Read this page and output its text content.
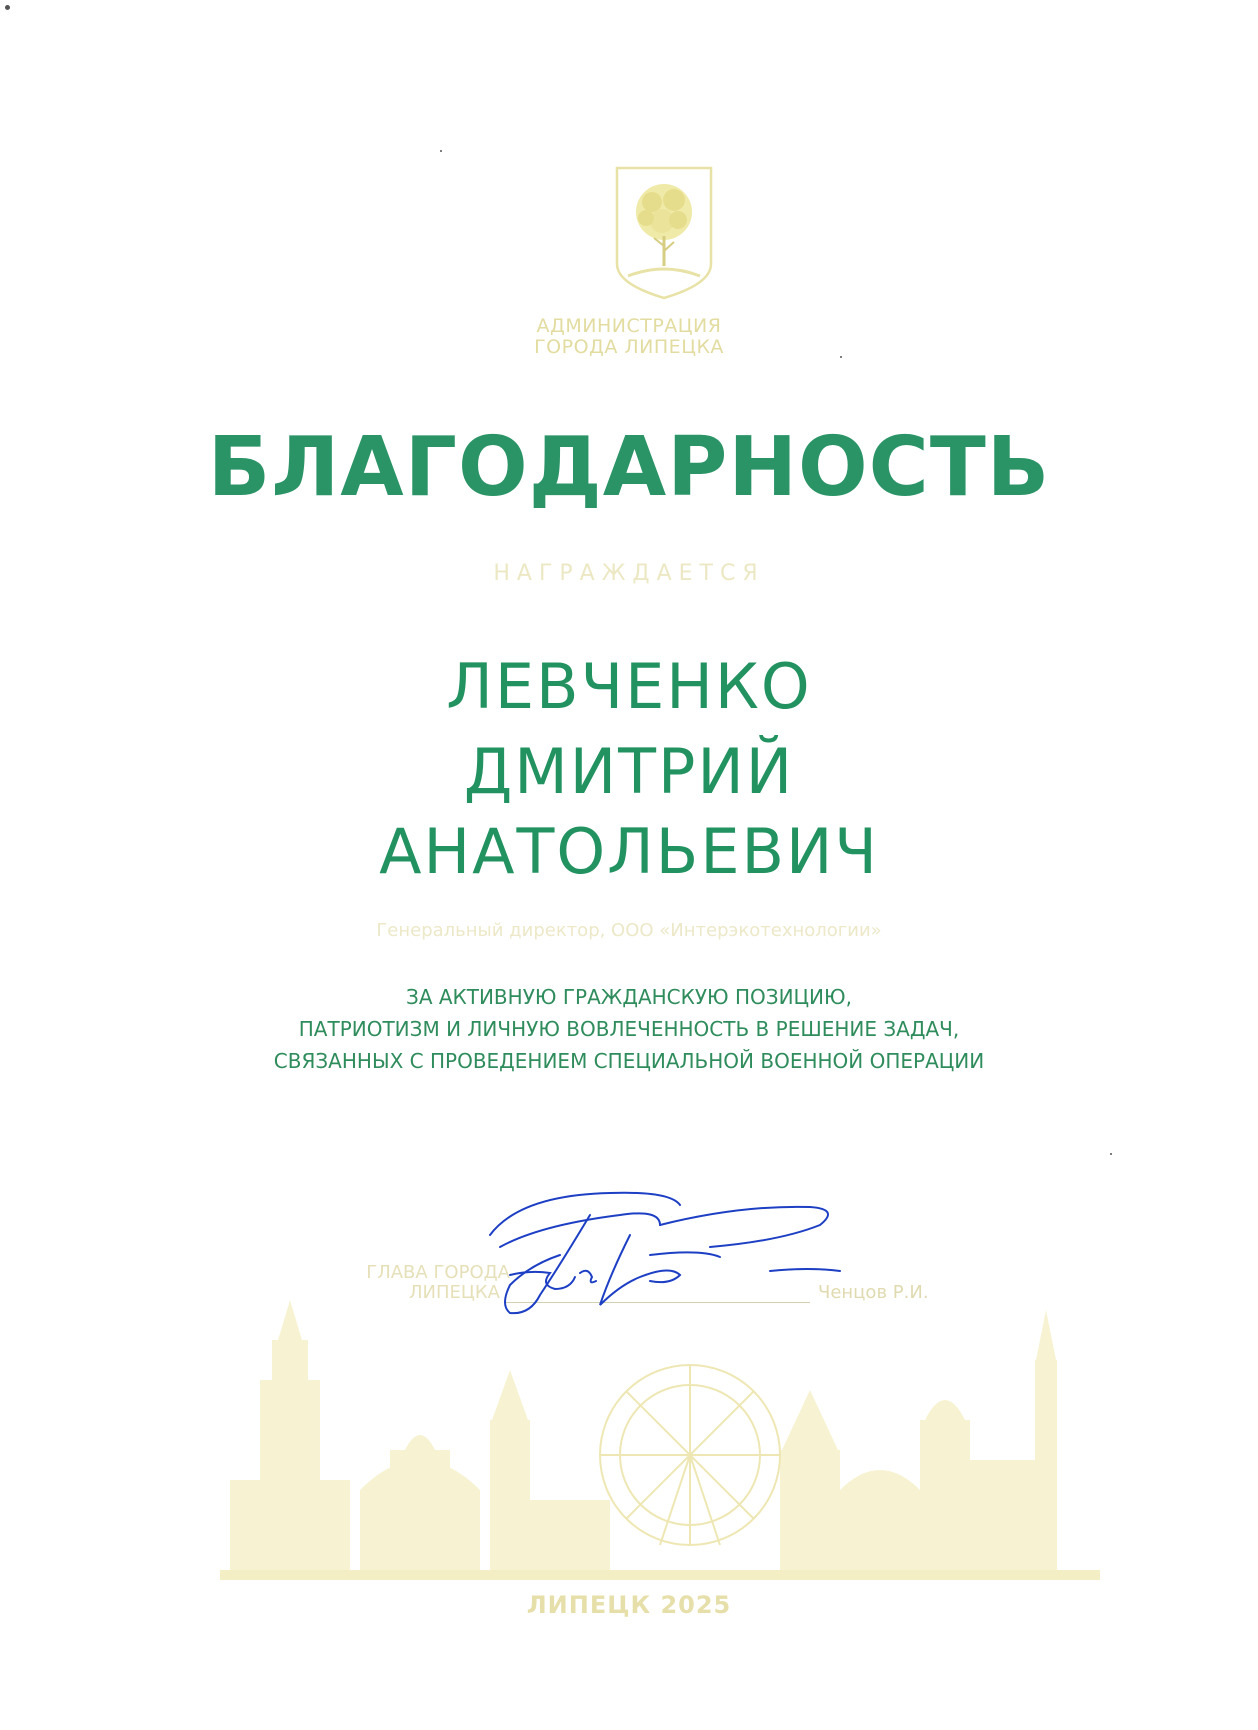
АДМИНИСТРАЦИЯ
ГОРОДА ЛИПЕЦКА
БЛАГОДАРНОСТЬ
НАГРАЖДАЕТСЯ
ЛЕВЧЕНКО
ДМИТРИЙ
АНАТОЛЬЕВИЧ
Генеральный директор, ООО «Интерэкотехнологии»
ЗА АКТИВНУЮ ГРАЖДАНСКУЮ ПОЗИЦИЮ,
ПАТРИОТИЗМ И ЛИЧНУЮ ВОВЛЕЧЕННОСТЬ В РЕШЕНИЕ ЗАДАЧ,
СВЯЗАННЫХ С ПРОВЕДЕНИЕМ СПЕЦИАЛЬНОЙ ВОЕННОЙ ОПЕРАЦИИ
ГЛАВА ГОРОДА
ЛИПЕЦКА	Ченцов Р.И.
ЛИПЕЦК 2025
